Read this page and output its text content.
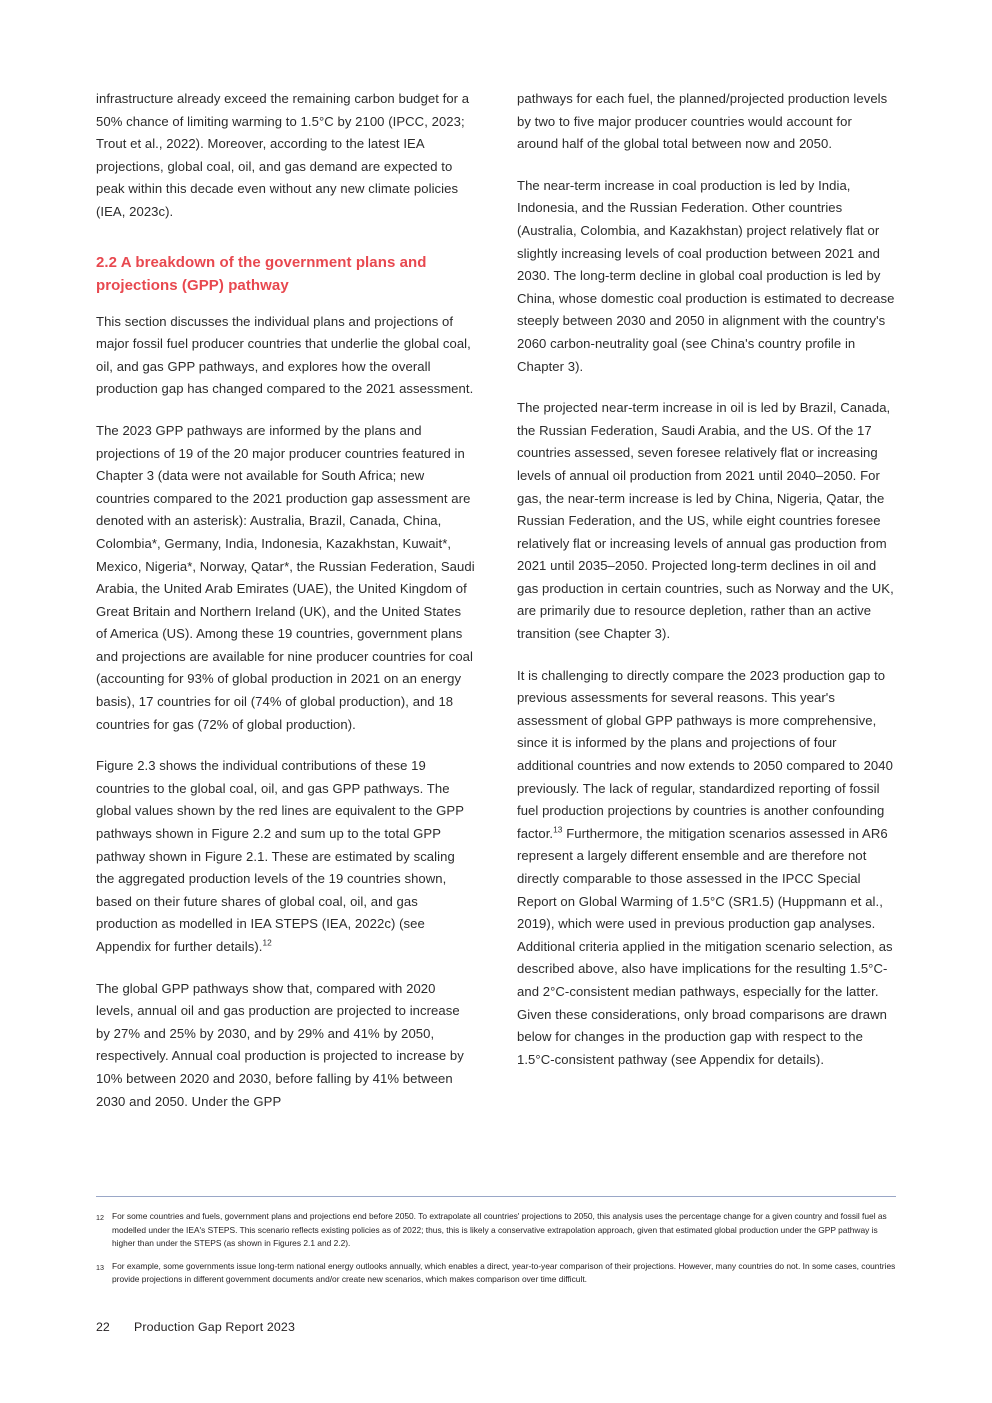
infrastructure already exceed the remaining carbon budget for a 50% chance of limiting warming to 1.5°C by 2100 (IPCC, 2023; Trout et al., 2022). Moreover, according to the latest IEA projections, global coal, oil, and gas demand are expected to peak within this decade even without any new climate policies (IEA, 2023c).

2.2 A breakdown of the government plans and projections (GPP) pathway

This section discusses the individual plans and projections of major fossil fuel producer countries that underlie the global coal, oil, and gas GPP pathways, and explores how the overall production gap has changed compared to the 2021 assessment.

The 2023 GPP pathways are informed by the plans and projections of 19 of the 20 major producer countries featured in Chapter 3 (data were not available for South Africa; new countries compared to the 2021 production gap assessment are denoted with an asterisk): Australia, Brazil, Canada, China, Colombia*, Germany, India, Indonesia, Kazakhstan, Kuwait*, Mexico, Nigeria*, Norway, Qatar*, the Russian Federation, Saudi Arabia, the United Arab Emirates (UAE), the United Kingdom of Great Britain and Northern Ireland (UK), and the United States of America (US). Among these 19 countries, government plans and projections are available for nine producer countries for coal (accounting for 93% of global production in 2021 on an energy basis), 17 countries for oil (74% of global production), and 18 countries for gas (72% of global production).

Figure 2.3 shows the individual contributions of these 19 countries to the global coal, oil, and gas GPP pathways. The global values shown by the red lines are equivalent to the GPP pathways shown in Figure 2.2 and sum up to the total GPP pathway shown in Figure 2.1. These are estimated by scaling the aggregated production levels of the 19 countries shown, based on their future shares of global coal, oil, and gas production as modelled in IEA STEPS (IEA, 2022c) (see Appendix for further details).$^{12}$

The global GPP pathways show that, compared with 2020 levels, annual oil and gas production are projected to increase by 27% and 25% by 2030, and by 29% and 41% by 2050, respectively. Annual coal production is projected to increase by 10% between 2020 and 2030, before falling by 41% between 2030 and 2050. Under the GPP

pathways for each fuel, the planned/projected production levels by two to five major producer countries would account for around half of the global total between now and 2050.

The near-term increase in coal production is led by India, Indonesia, and the Russian Federation. Other countries (Australia, Colombia, and Kazakhstan) project relatively flat or slightly increasing levels of coal production between 2021 and 2030. The long-term decline in global coal production is led by China, whose domestic coal production is estimated to decrease steeply between 2030 and 2050 in alignment with the country's 2060 carbon-neutrality goal (see China's country profile in Chapter 3).

The projected near-term increase in oil is led by Brazil, Canada, the Russian Federation, Saudi Arabia, and the US. Of the 17 countries assessed, seven foresee relatively flat or increasing levels of annual oil production from 2021 until 2040–2050. For gas, the near-term increase is led by China, Nigeria, Qatar, the Russian Federation, and the US, while eight countries foresee relatively flat or increasing levels of annual gas production from 2021 until 2035–2050. Projected long-term declines in oil and gas production in certain countries, such as Norway and the UK, are primarily due to resource depletion, rather than an active transition (see Chapter 3).

It is challenging to directly compare the 2023 production gap to previous assessments for several reasons. This year's assessment of global GPP pathways is more comprehensive, since it is informed by the plans and projections of four additional countries and now extends to 2050 compared to 2040 previously. The lack of regular, standardized reporting of fossil fuel production projections by countries is another confounding factor.$^{13}$ Furthermore, the mitigation scenarios assessed in AR6 represent a largely different ensemble and are therefore not directly comparable to those assessed in the IPCC Special Report on Global Warming of 1.5°C (SR1.5) (Huppmann et al., 2019), which were used in previous production gap analyses. Additional criteria applied in the mitigation scenario selection, as described above, also have implications for the resulting 1.5°C- and 2°C-consistent median pathways, especially for the latter. Given these considerations, only broad comparisons are drawn below for changes in the production gap with respect to the 1.5°C-consistent pathway (see Appendix for details).

12 For some countries and fuels, government plans and projections end before 2050. To extrapolate all countries' projections to 2050, this analysis uses the percentage change for a given country and fossil fuel as modelled under the IEA's STEPS. This scenario reflects existing policies as of 2022; thus, this is likely a conservative extrapolation approach, given that estimated global production under the GPP pathway is higher than under the STEPS (as shown in Figures 2.1 and 2.2).
13 For example, some governments issue long-term national energy outlooks annually, which enables a direct, year-to-year comparison of their projections. However, many countries do not. In some cases, countries provide projections in different government documents and/or create new scenarios, which makes comparison over time difficult.
22	Production Gap Report 2023
